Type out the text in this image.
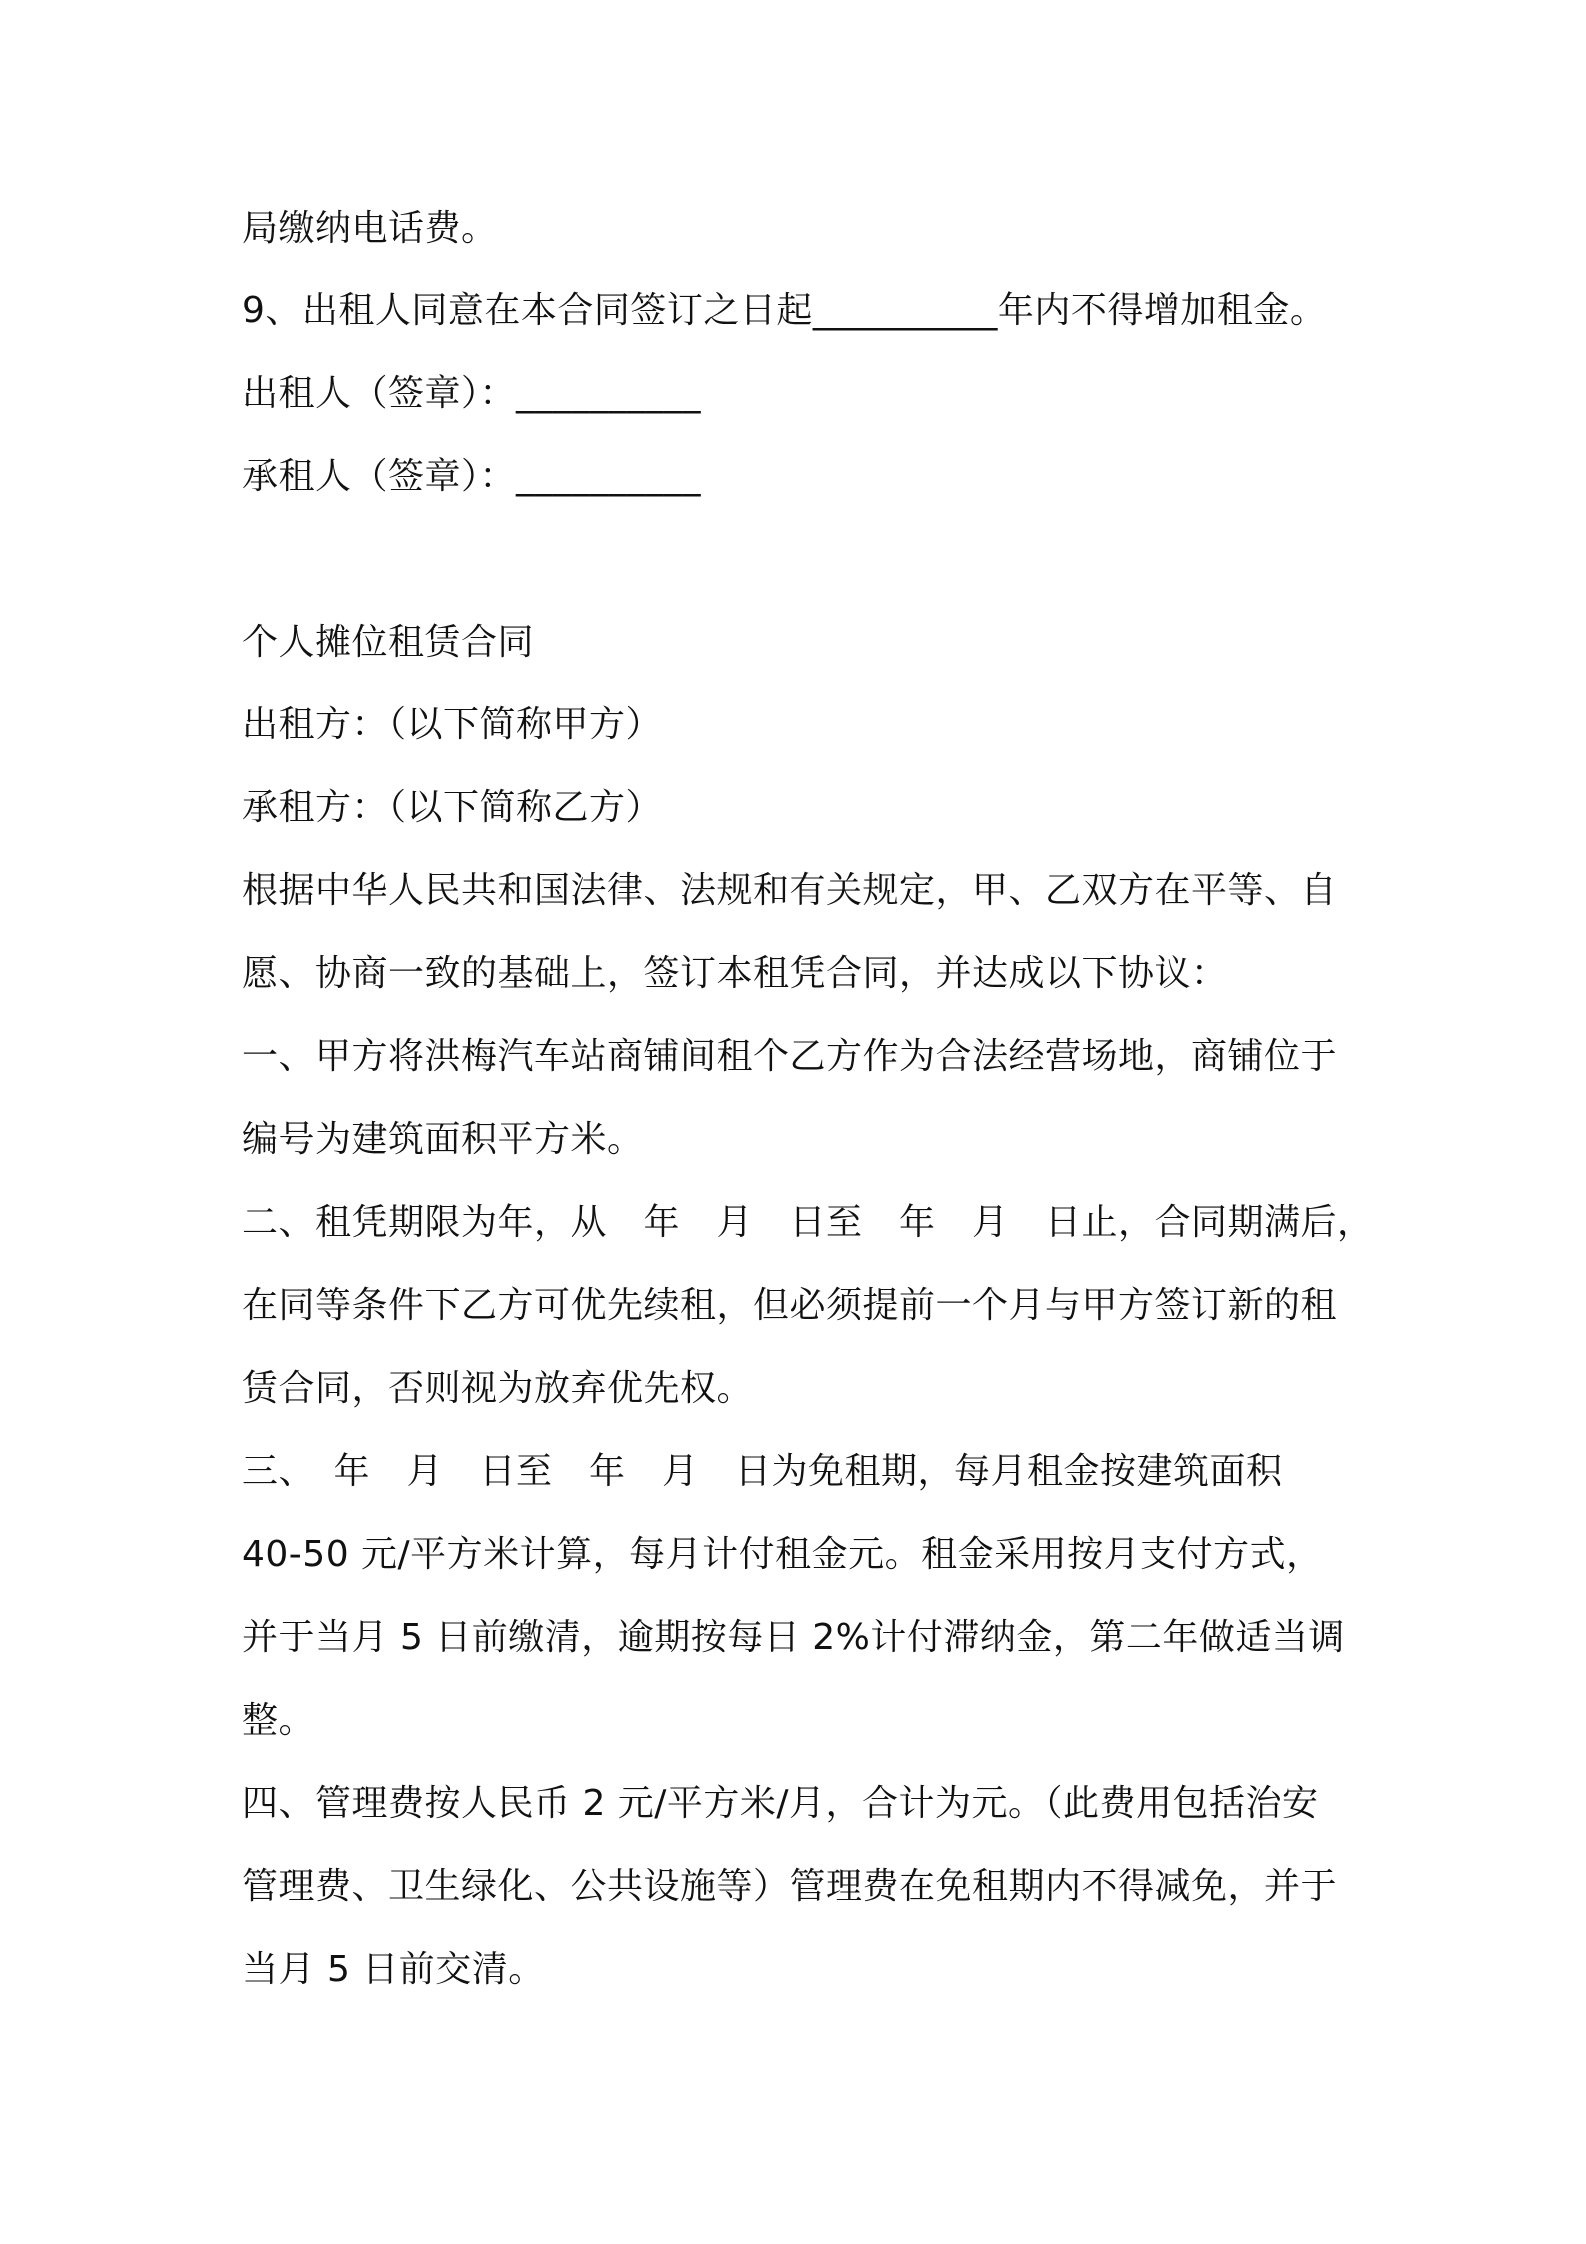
局缴纳电话费。
9、出租人同意在本合同签订之日起__________年内不得增加租金。
出租人（签章）：__________
承租人（签章）：__________
个人摊位租赁合同
出租方：（以下简称甲方）
承租方：（以下简称乙方）
根据中华人民共和国法律、法规和有关规定，甲、乙双方在平等、自
愿、协商一致的基础上，签订本租凭合同，并达成以下协议：
一、甲方将洪梅汽车站商铺间租个乙方作为合法经营场地，商铺位于
编号为建筑面积平方米。
二、租凭期限为年，从　年　月　日至　年　月　日止，合同期满后，
在同等条件下乙方可优先续租，但必须提前一个月与甲方签订新的租
赁合同，否则视为放弃优先权。
三、　年　月　日至　年　月　日为免租期，每月租金按建筑面积
40-50 元/平方米计算，每月计付租金元。租金采用按月支付方式，
并于当月 5 日前缴清，逾期按每日 2%计付滞纳金，第二年做适当调
整。
四、管理费按人民币 2 元/平方米/月，合计为元。（此费用包括治安
管理费、卫生绿化、公共设施等）管理费在免租期内不得减免，并于
当月 5 日前交清。
